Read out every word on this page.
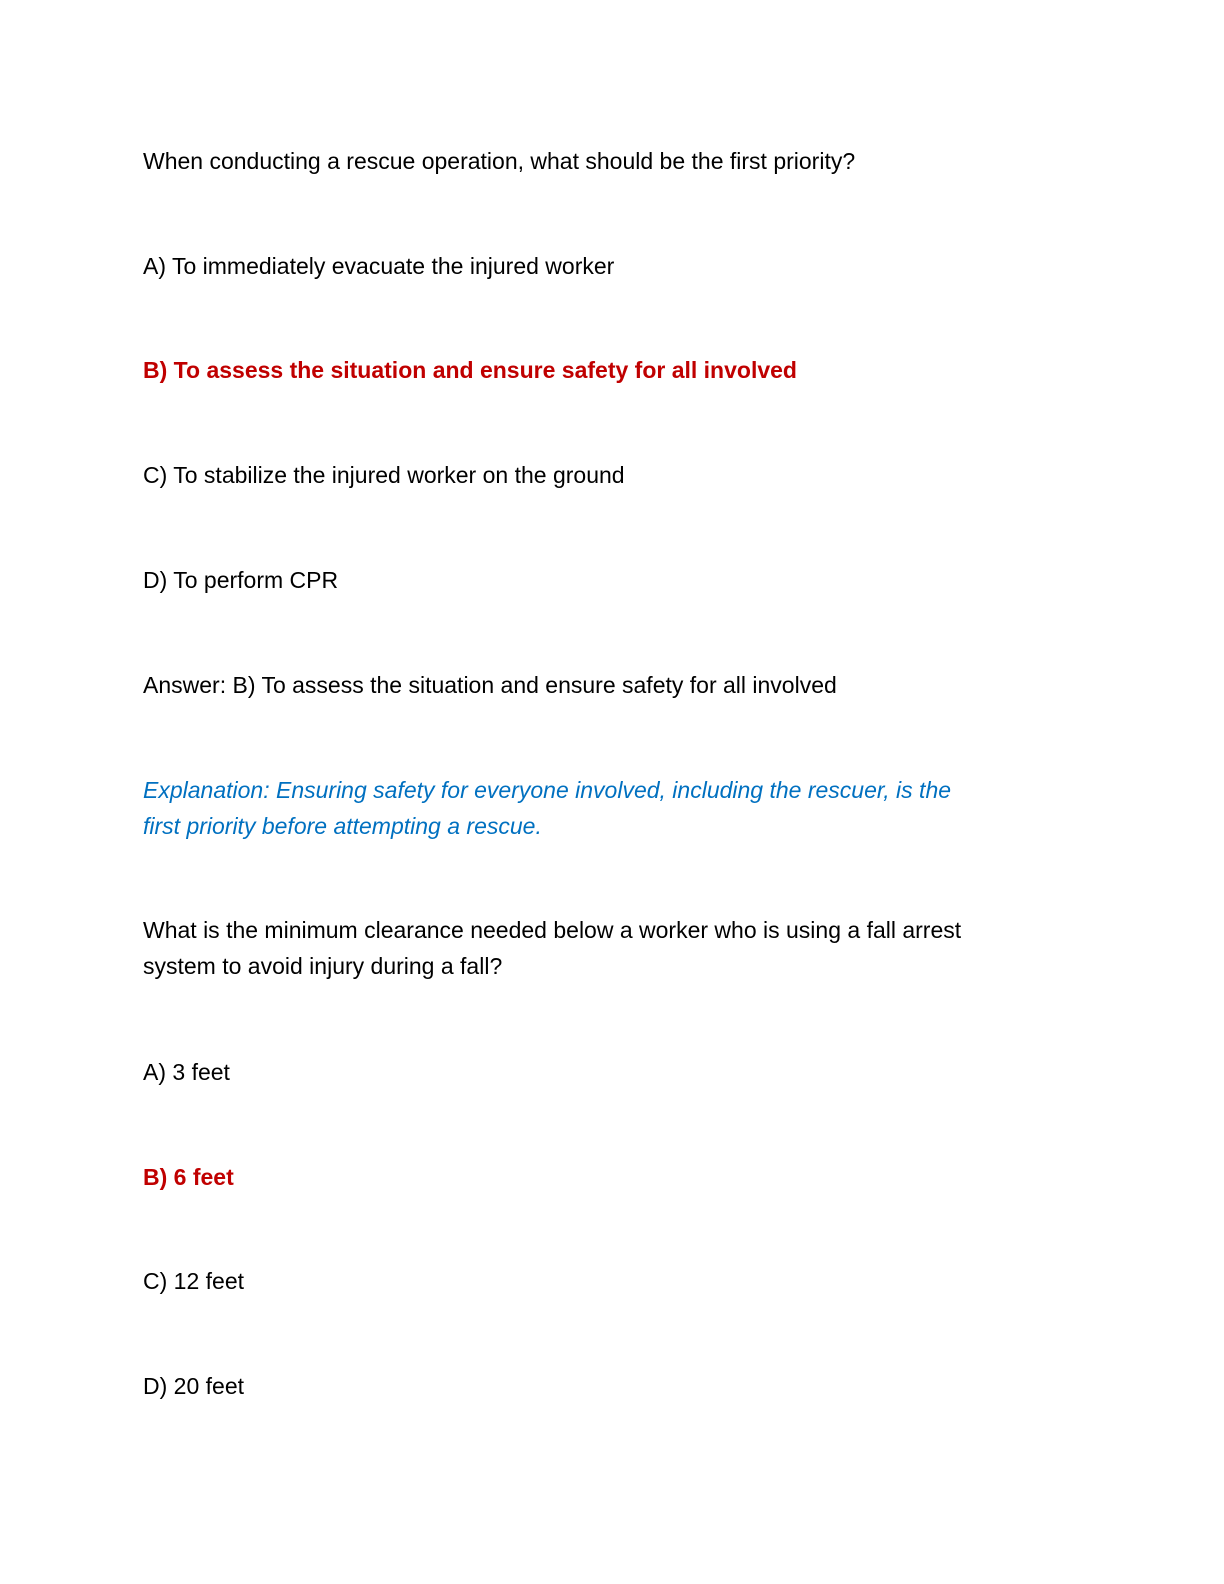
When conducting a rescue operation, what should be the first priority?
A) To immediately evacuate the injured worker
B) To assess the situation and ensure safety for all involved
C) To stabilize the injured worker on the ground
D) To perform CPR
Answer: B) To assess the situation and ensure safety for all involved
Explanation: Ensuring safety for everyone involved, including the rescuer, is the
first priority before attempting a rescue.
What is the minimum clearance needed below a worker who is using a fall arrest
system to avoid injury during a fall?
A) 3 feet
B) 6 feet
C) 12 feet
D) 20 feet
